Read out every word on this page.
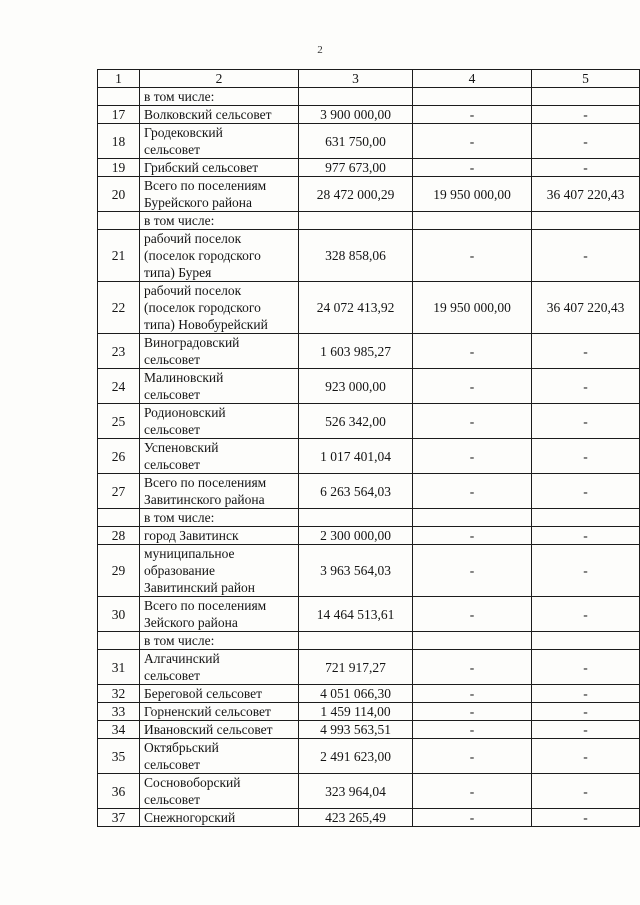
2
1	2	3	4	5

	в том числе:			

17	Волковский сельсовет	3 900 000,00	-	-
18	Гродековский
сельсовет	631 750,00	-	-
19	Грибский сельсовет	977 673,00	-	-
20	Всего по поселениям
Бурейского района	28 472 000,29	19 950 000,00	36 407 220,43

	в том числе:			

21	рабочий поселок
(поселок городского
типа) Бурея	328 858,06	-	-
22	рабочий поселок
(поселок городского
типа) Новобурейский	24 072 413,92	19 950 000,00	36 407 220,43
23	Виноградовский
сельсовет	1 603 985,27	-	-
24	Малиновский
сельсовет	923 000,00	-	-
25	Родионовский
сельсовет	526 342,00	-	-
26	Успеновский
сельсовет	1 017 401,04	-	-
27	Всего по поселениям
Завитинского района	6 263 564,03	-	-

	в том числе:			

28	город Завитинск	2 300 000,00	-	-
29	муниципальное
образование
Завитинский район	3 963 564,03	-	-
30	Всего по поселениям
Зейского района	14 464 513,61	-	-

	в том числе:			

31	Алгачинский
сельсовет	721 917,27	-	-
32	Береговой сельсовет	4 051 066,30	-	-
33	Горненский сельсовет	1 459 114,00	-	-
34	Ивановский сельсовет	4 993 563,51	-	-
35	Октябрьский
сельсовет	2 491 623,00	-	-
36	Сосновоборский
сельсовет	323 964,04	-	-
37	Снежногорский	423 265,49	-	-
